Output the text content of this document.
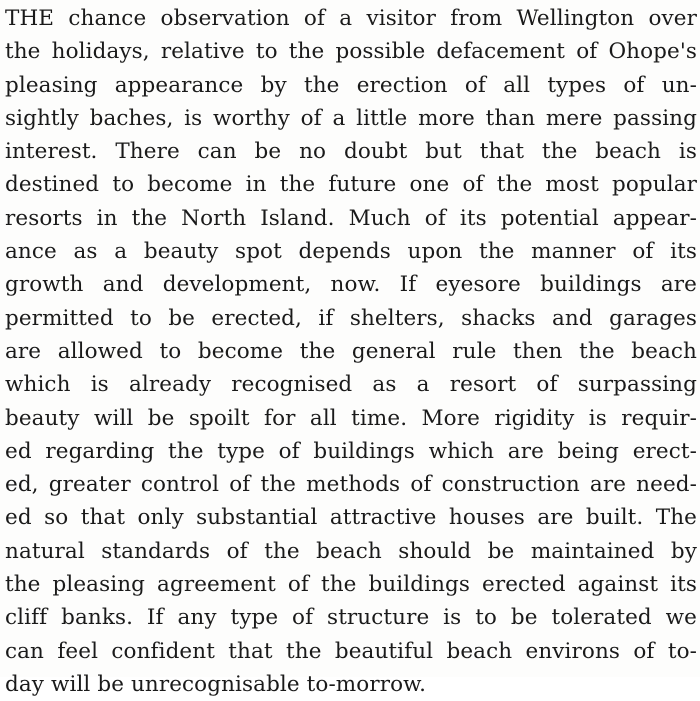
THE chance observation of a visitor from Wellington over
the holidays, relative to the possible defacement of Ohope's
pleasing appearance by the erection of all types of un-
sightly baches, is worthy of a little more than mere passing
interest. There can be no doubt but that the beach is
destined to become in the future one of the most popular
resorts in the North Island. Much of its potential appear-
ance as a beauty spot depends upon the manner of its
growth and development, now. If eyesore buildings are
permitted to be erected, if shelters, shacks and garages
are allowed to become the general rule then the beach
which is already recognised as a resort of surpassing
beauty will be spoilt for all time. More rigidity is requir-
ed regarding the type of buildings which are being erect-
ed, greater control of the methods of construction are need-
ed so that only substantial attractive houses are built. The
natural standards of the beach should be maintained by
the pleasing agreement of the buildings erected against its
cliff banks. If any type of structure is to be tolerated we
can feel confident that the beautiful beach environs of to-
day will be unrecognisable to-morrow.
